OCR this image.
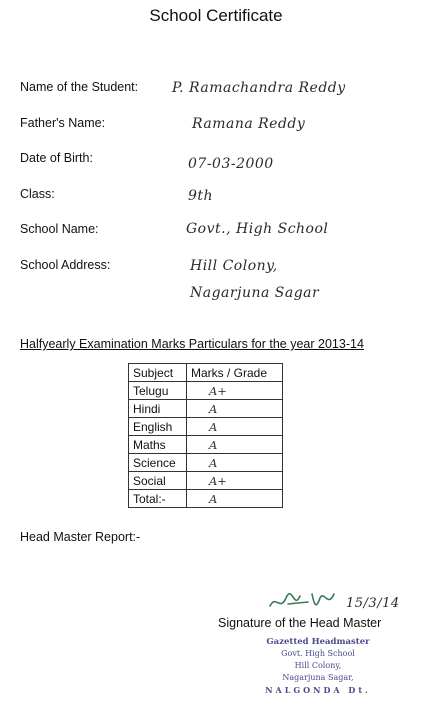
School Certificate
Name of the Student: P. Ramachandra Reddy
Father's Name:	Ramana Reddy
Date of Birth:	07-03-2000
Class:	9th
School Name:	Govt., High School
School Address:	Hill Colony,
Nagarjuna Sagar
Halfyearly Examination Marks Particulars for the year 2013-14
Subject	Marks / Grade
Telugu	A+
Hindi	A
English	A
Maths	A
Science	A
Social	A+
Total:-	A
Head Master Report:-
15/3/14
Signature of the Head Master
Gazetted Headmaster
Govt. High School
Hill Colony,
Nagarjuna Sagar,
NALGONDA Dt.
